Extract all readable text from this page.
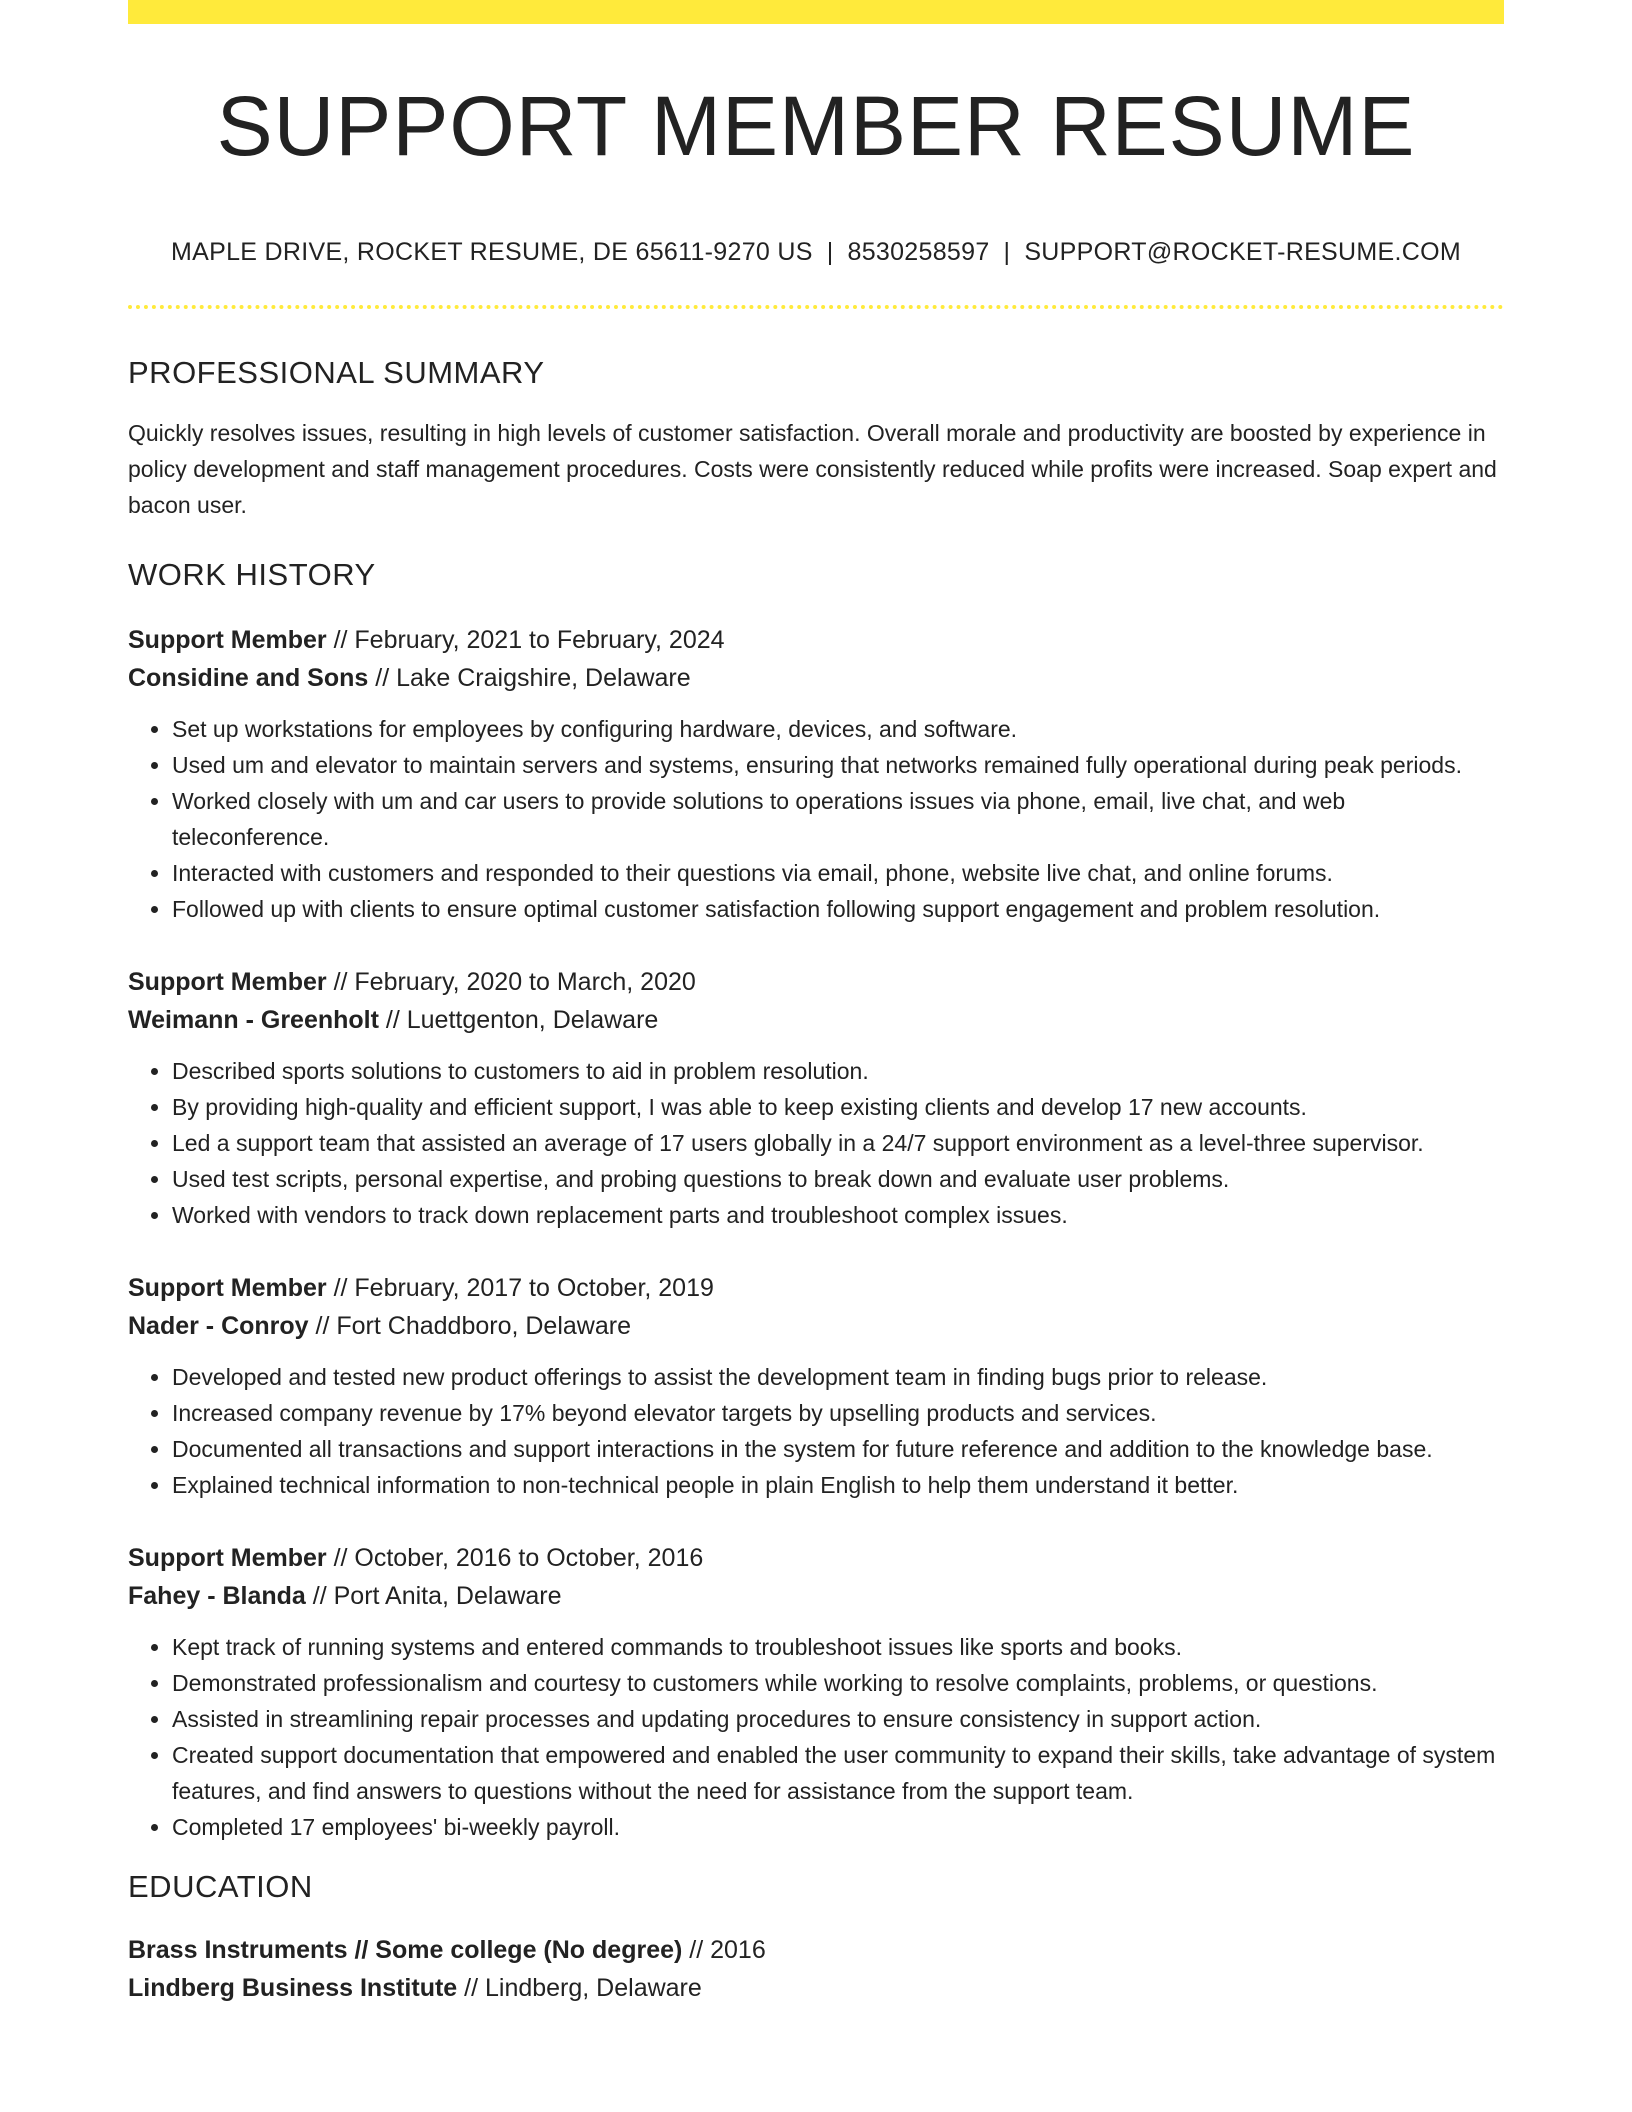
SUPPORT MEMBER RESUME
MAPLE DRIVE, ROCKET RESUME, DE 65611-9270 US | 8530258597 | SUPPORT@ROCKET-RESUME.COM
PROFESSIONAL SUMMARY

Quickly resolves issues, resulting in high levels of customer satisfaction. Overall morale and productivity are boosted by experience in policy development and staff management procedures. Costs were consistently reduced while profits were increased. Soap expert and bacon user.

WORK HISTORY
Support Member // February, 2021 to February, 2024
Considine and Sons // Lake Craigshire, Delaware
• Set up workstations for employees by configuring hardware, devices, and software.
• Used um and elevator to maintain servers and systems, ensuring that networks remained fully operational during peak periods.
• Worked closely with um and car users to provide solutions to operations issues via phone, email, live chat, and web teleconference.
• Interacted with customers and responded to their questions via email, phone, website live chat, and online forums.
• Followed up with clients to ensure optimal customer satisfaction following support engagement and problem resolution.
Support Member // February, 2020 to March, 2020
Weimann - Greenholt // Luettgenton, Delaware
• Described sports solutions to customers to aid in problem resolution.
• By providing high-quality and efficient support, I was able to keep existing clients and develop 17 new accounts.
• Led a support team that assisted an average of 17 users globally in a 24/7 support environment as a level-three supervisor.
• Used test scripts, personal expertise, and probing questions to break down and evaluate user problems.
• Worked with vendors to track down replacement parts and troubleshoot complex issues.
Support Member // February, 2017 to October, 2019
Nader - Conroy // Fort Chaddboro, Delaware
• Developed and tested new product offerings to assist the development team in finding bugs prior to release.
• Increased company revenue by 17% beyond elevator targets by upselling products and services.
• Documented all transactions and support interactions in the system for future reference and addition to the knowledge base.
• Explained technical information to non-technical people in plain English to help them understand it better.
Support Member // October, 2016 to October, 2016
Fahey - Blanda // Port Anita, Delaware
• Kept track of running systems and entered commands to troubleshoot issues like sports and books.
• Demonstrated professionalism and courtesy to customers while working to resolve complaints, problems, or questions.
• Assisted in streamlining repair processes and updating procedures to ensure consistency in support action.
• Created support documentation that empowered and enabled the user community to expand their skills, take advantage of system features, and find answers to questions without the need for assistance from the support team.
• Completed 17 employees' bi-weekly payroll.
EDUCATION
Brass Instruments // Some college (No degree) // 2016
Lindberg Business Institute // Lindberg, Delaware
